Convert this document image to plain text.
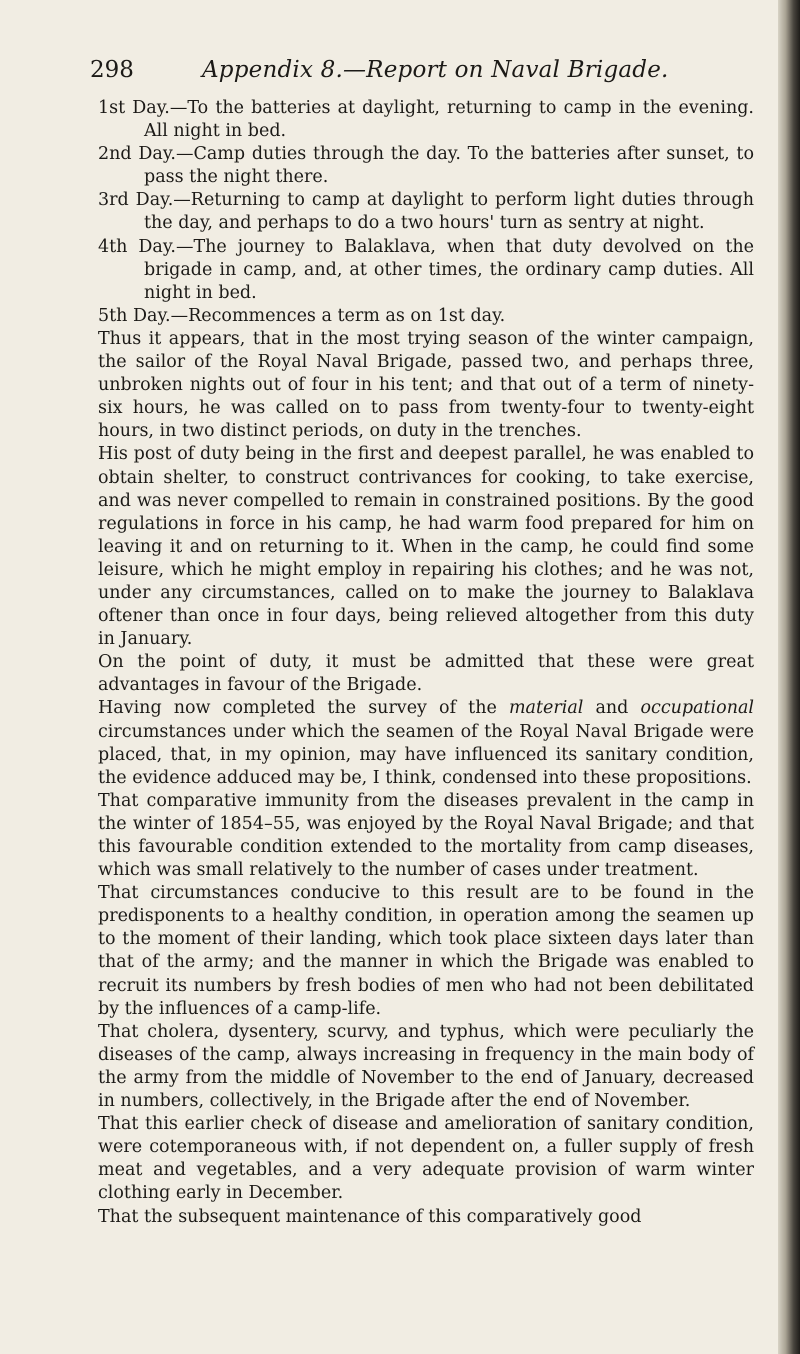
298	Appendix 8.—Report on Naval Brigade.

1st Day.—To the batteries at daylight, returning to camp in the evening. All night in bed.

2nd Day.—Camp duties through the day. To the batteries after sunset, to pass the night there.

3rd Day.—Returning to camp at daylight to perform light duties through the day, and perhaps to do a two hours' turn as sentry at night.

4th Day.—The journey to Balaklava, when that duty devolved on the brigade in camp, and, at other times, the ordinary camp duties. All night in bed.

5th Day.—Recommences a term as on 1st day.

Thus it appears, that in the most trying season of the winter campaign, the sailor of the Royal Naval Brigade, passed two, and perhaps three, unbroken nights out of four in his tent; and that out of a term of ninety-six hours, he was called on to pass from twenty-four to twenty-eight hours, in two distinct periods, on duty in the trenches.

His post of duty being in the first and deepest parallel, he was enabled to obtain shelter, to construct contrivances for cooking, to take exercise, and was never compelled to remain in constrained positions. By the good regulations in force in his camp, he had warm food prepared for him on leaving it and on returning to it. When in the camp, he could find some leisure, which he might employ in repairing his clothes; and he was not, under any circumstances, called on to make the journey to Balaklava oftener than once in four days, being relieved altogether from this duty in January.

On the point of duty, it must be admitted that these were great advantages in favour of the Brigade.

Having now completed the survey of the material and occupational circumstances under which the seamen of the Royal Naval Brigade were placed, that, in my opinion, may have influenced its sanitary condition, the evidence adduced may be, I think, condensed into these propositions.

That comparative immunity from the diseases prevalent in the camp in the winter of 1854–55, was enjoyed by the Royal Naval Brigade; and that this favourable condition extended to the mortality from camp diseases, which was small relatively to the number of cases under treatment.

That circumstances conducive to this result are to be found in the predisponents to a healthy condition, in operation among the seamen up to the moment of their landing, which took place sixteen days later than that of the army; and the manner in which the Brigade was enabled to recruit its numbers by fresh bodies of men who had not been debilitated by the influences of a camp-life.

That cholera, dysentery, scurvy, and typhus, which were peculiarly the diseases of the camp, always increasing in frequency in the main body of the army from the middle of November to the end of January, decreased in numbers, collectively, in the Brigade after the end of November.

That this earlier check of disease and amelioration of sanitary condition, were cotemporaneous with, if not dependent on, a fuller supply of fresh meat and vegetables, and a very adequate provision of warm winter clothing early in December.

That the subsequent maintenance of this comparatively good
